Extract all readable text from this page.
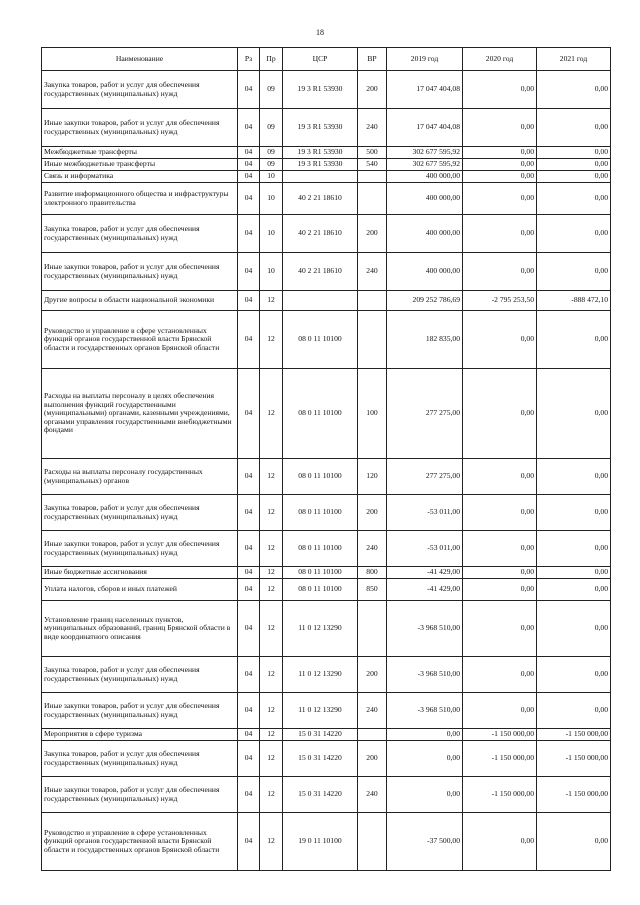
18
Наименование	Рз	Пр	ЦСР	ВР	2019 год	2020 год	2021 год
Закупка товаров, работ и услуг для обеспечения государственных (муниципальных) нужд	04	09	19 3 R1 53930	200	17 047 404,08	0,00	0,00
Иные закупки товаров, работ и услуг для обеспечения государственных (муниципальных) нужд	04	09	19 3 R1 53930	240	17 047 404,08	0,00	0,00
Межбюджетные трансферты	04	09	19 3 R1 53930	500	302 677 595,92	0,00	0,00
Иные межбюджетные трансферты	04	09	19 3 R1 53930	540	302 677 595,92	0,00	0,00
Связь и информатика	04	10			400 000,00	0,00	0,00
Развитие информационного общества и инфраструктуры электронного правительства	04	10	40 2 21 18610		400 000,00	0,00	0,00
Закупка товаров, работ и услуг для обеспечения государственных (муниципальных) нужд	04	10	40 2 21 18610	200	400 000,00	0,00	0,00
Иные закупки товаров, работ и услуг для обеспечения государственных (муниципальных) нужд	04	10	40 2 21 18610	240	400 000,00	0,00	0,00
Другие вопросы в области национальной экономики	04	12			209 252 786,69	-2 795 253,50	-888 472,10
Руководство и управление в сфере установленных функций органов государственной власти Брянской области и государственных органов Брянской области	04	12	08 0 11 10100		182 835,00	0,00	0,00
Расходы на выплаты персоналу в целях обеспечения выполнения функций государственными (муниципальными) органами, казенными учреждениями, органами управления государственными внебюджетными фондами	04	12	08 0 11 10100	100	277 275,00	0,00	0,00
Расходы на выплаты персоналу государственных (муниципальных) органов	04	12	08 0 11 10100	120	277 275,00	0,00	0,00
Закупка товаров, работ и услуг для обеспечения государственных (муниципальных) нужд	04	12	08 0 11 10100	200	-53 011,00	0,00	0,00
Иные закупки товаров, работ и услуг для обеспечения государственных (муниципальных) нужд	04	12	08 0 11 10100	240	-53 011,00	0,00	0,00
Иные бюджетные ассигнования	04	12	08 0 11 10100	800	-41 429,00	0,00	0,00
Уплата налогов, сборов и иных платежей	04	12	08 0 11 10100	850	-41 429,00	0,00	0,00
Установление границ населенных пунктов, муниципальных образований, границ Брянской области в виде координатного описания	04	12	11 0 12 13290		-3 968 510,00	0,00	0,00
Закупка товаров, работ и услуг для обеспечения государственных (муниципальных) нужд	04	12	11 0 12 13290	200	-3 968 510,00	0,00	0,00
Иные закупки товаров, работ и услуг для обеспечения государственных (муниципальных) нужд	04	12	11 0 12 13290	240	-3 968 510,00	0,00	0,00
Мероприятия в сфере туризма	04	12	15 0 31 14220		0,00	-1 150 000,00	-1 150 000,00
Закупка товаров, работ и услуг для обеспечения государственных (муниципальных) нужд	04	12	15 0 31 14220	200	0,00	-1 150 000,00	-1 150 000,00
Иные закупки товаров, работ и услуг для обеспечения государственных (муниципальных) нужд	04	12	15 0 31 14220	240	0,00	-1 150 000,00	-1 150 000,00
Руководство и управление в сфере установленных функций органов государственной власти Брянской области и государственных органов Брянской области	04	12	19 0 11 10100		-37 500,00	0,00	0,00
